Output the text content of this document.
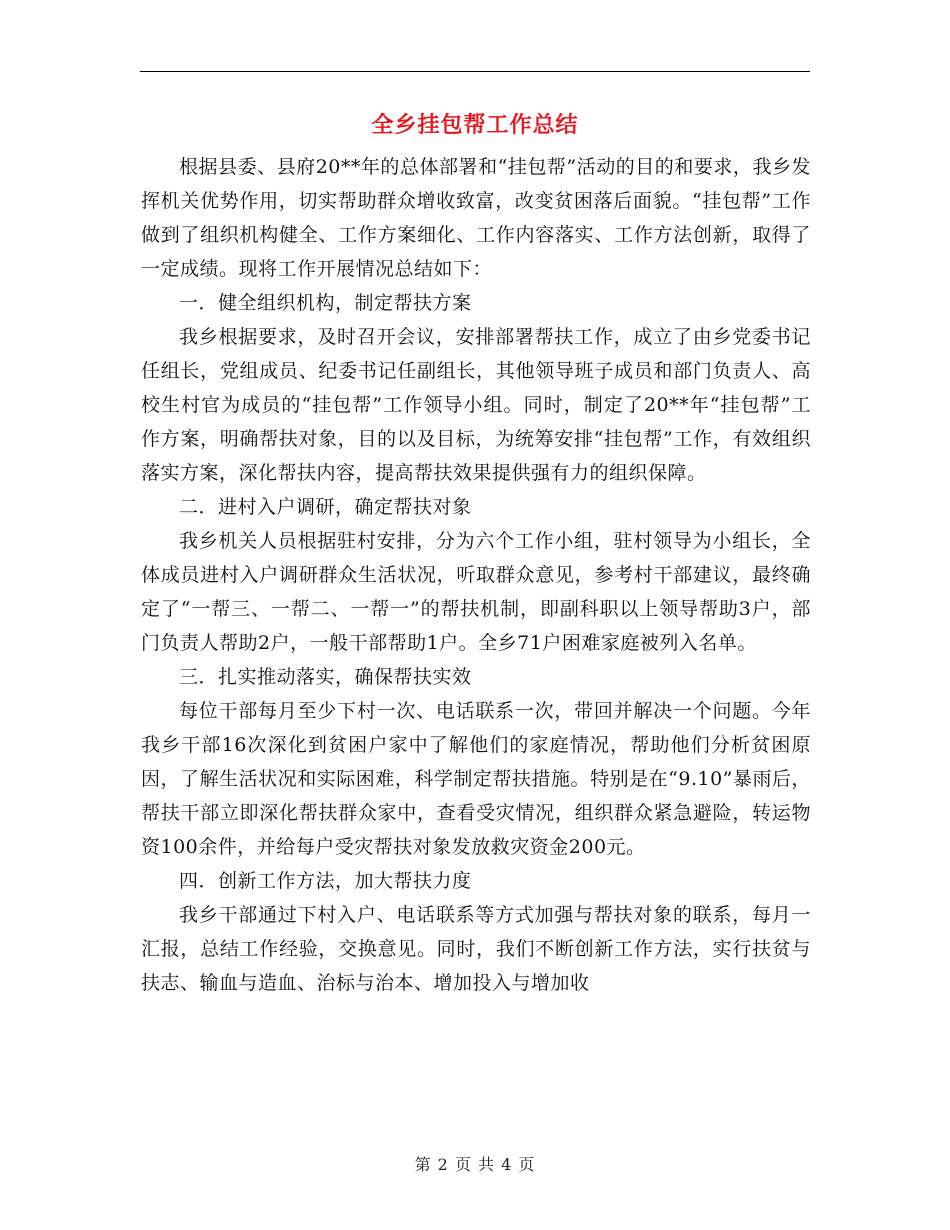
全乡挂包帮工作总结

根据县委、县府20**年的总体部署和“挂包帮”活动的目的和要求，我乡发挥机关优势作用，切实帮助群众增收致富，改变贫困落后面貌。“挂包帮”工作做到了组织机构健全、工作方案细化、工作内容落实、工作方法创新，取得了一定成绩。现将工作开展情况总结如下：

一．健全组织机构，制定帮扶方案

我乡根据要求，及时召开会议，安排部署帮扶工作，成立了由乡党委书记任组长，党组成员、纪委书记任副组长，其他领导班子成员和部门负责人、高校生村官为成员的“挂包帮”工作领导小组。同时，制定了20**年“挂包帮”工作方案，明确帮扶对象，目的以及目标，为统筹安排“挂包帮”工作，有效组织落实方案，深化帮扶内容，提高帮扶效果提供强有力的组织保障。

二．进村入户调研，确定帮扶对象

我乡机关人员根据驻村安排，分为六个工作小组，驻村领导为小组长，全体成员进村入户调研群众生活状况，听取群众意见，参考村干部建议，最终确定了“一帮三、一帮二、一帮一”的帮扶机制，即副科职以上领导帮助3户，部门负责人帮助2户，一般干部帮助1户。全乡71户困难家庭被列入名单。

三．扎实推动落实，确保帮扶实效

每位干部每月至少下村一次、电话联系一次，带回并解决一个问题。今年我乡干部16次深化到贫困户家中了解他们的家庭情况，帮助他们分析贫困原因，了解生活状况和实际困难，科学制定帮扶措施。特别是在“9.10”暴雨后，帮扶干部立即深化帮扶群众家中，查看受灾情况，组织群众紧急避险，转运物资100余件，并给每户受灾帮扶对象发放救灾资金200元。

四．创新工作方法，加大帮扶力度

我乡干部通过下村入户、电话联系等方式加强与帮扶对象的联系，每月一汇报，总结工作经验，交换意见。同时，我们不断创新工作方法，实行扶贫与扶志、输血与造血、治标与治本、增加投入与增加收

第 2 页 共 4 页
